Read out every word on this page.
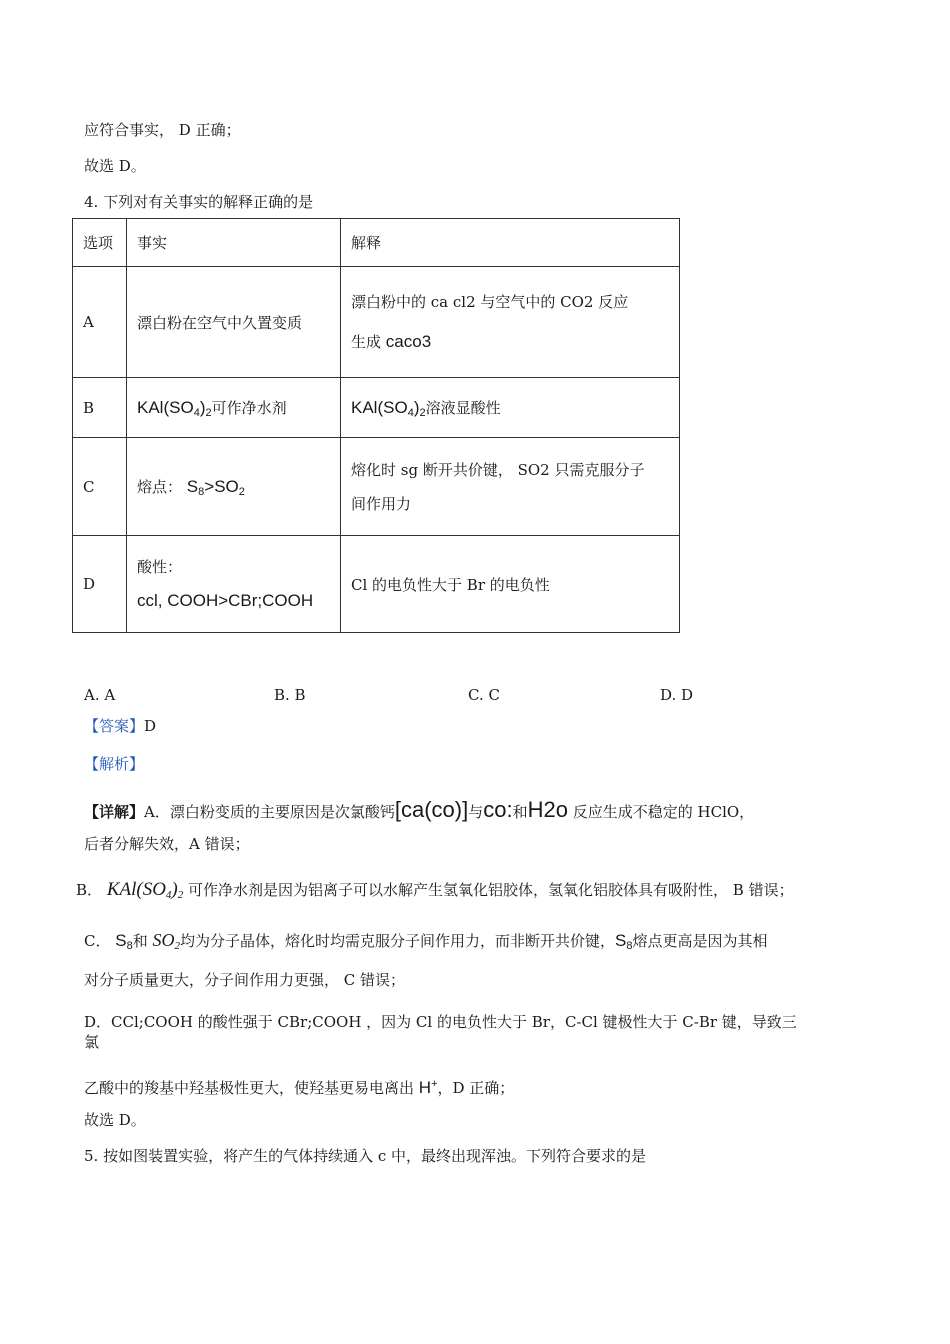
应符合事实， D 正确；
故选 D。
4. 下列对有关事实的解释正确的是
选项	事实	解释
A	漂白粉在空气中久置变质	漂白粉中的 ca cl2 与空气中的 CO2 反应
生成 caco3

B	$KAl(SO_4)_2$可作净水剂	$KAl(SO_4)_2$溶液显酸性
C	熔点： $S_8>SO_2$	熔化时 sg 断开共价键， SO2 只需克服分子
间作用力

D	酸性：
ccl, COOH>CBr;COOH	Cl 的电负性大于 Br 的电负性
A. A	B. B	C. C	D. D
【答案】D
【解析】
【详解】A．漂白粉变质的主要原因是次氯酸钙[ca(co)]与co:和H2o 反应生成不稳定的 HClO，
后者分解失效，A 错误；
B． $KAl(SO_4)_2$ 可作净水剂是因为铝离子可以水解产生氢氧化铝胶体，氢氧化铝胶体具有吸附性， B 错误；
C． $S_8$和 $SO_2$均为分子晶体，熔化时均需克服分子间作用力，而非断开共价键，$S_8$熔点更高是因为其相
对分子质量更大，分子间作用力更强， C 错误；
D．CCl;COOH 的酸性强于 CBr;COOH ，因为 Cl 的电负性大于 Br，C-Cl 键极性大于 C-Br 键，导致三
氯
乙酸中的羧基中羟基极性更大，使羟基更易电离出 H+，D 正确；
故选 D。
5. 按如图装置实验，将产生的气体持续通入 c 中，最终出现浑浊。下列符合要求的是
